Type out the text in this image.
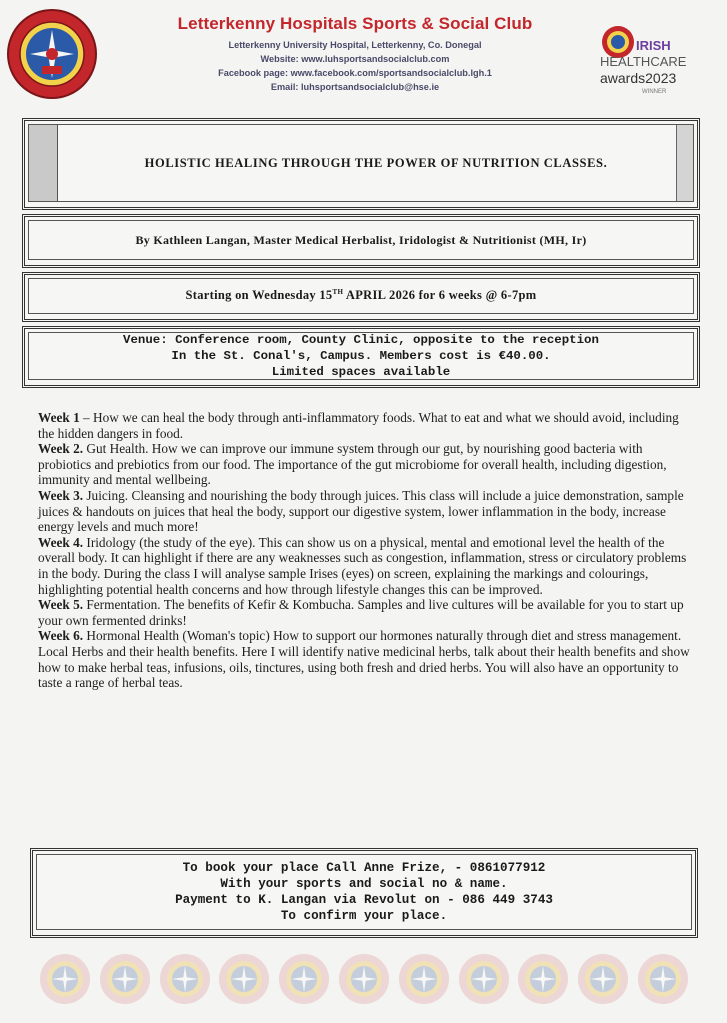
Letterkenny Hospitals Sports & Social Club
Letterkenny University Hospital, Letterkenny, Co. Donegal
Website: www.luhsportsandsocialclub.com
Facebook page: www.facebook.com/sportsandsocialclub.lgh.1
Email: luhsportsandsocialclub@hse.ie
IRISH
HEALTHCARE
awards2023
WINNER
HOLISTIC HEALING THROUGH THE POWER OF NUTRITION CLASSES.
By Kathleen Langan, Master Medical Herbalist, Iridologist & Nutritionist (MH, Ir)
Starting on Wednesday 15TH APRIL 2026 for 6 weeks @ 6-7pm
Venue: Conference room, County Clinic, opposite to the reception
In the St. Conal's, Campus. Members cost is €40.00.
Limited spaces available

Week 1 – How we can heal the body through anti-inflammatory foods. What to eat and what we should avoid, including the hidden dangers in food.

Week 2. Gut Health. How we can improve our immune system through our gut, by nourishing good bacteria with probiotics and prebiotics from our food. The importance of the gut microbiome for overall health, including digestion, immunity and mental wellbeing.

Week 3. Juicing. Cleansing and nourishing the body through juices. This class will include a juice demonstration, sample juices & handouts on juices that heal the body, support our digestive system, lower inflammation in the body, increase energy levels and much more!

Week 4. Iridology (the study of the eye). This can show us on a physical, mental and emotional level the health of the overall body. It can highlight if there are any weaknesses such as congestion, inflammation, stress or circulatory problems in the body. During the class I will analyse sample Irises (eyes) on screen, explaining the markings and colourings, highlighting potential health concerns and how through lifestyle changes this can be improved.

Week 5. Fermentation. The benefits of Kefir & Kombucha. Samples and live cultures will be available for you to start up your own fermented drinks!

Week 6. Hormonal Health (Woman's topic) How to support our hormones naturally through diet and stress management. Local Herbs and their health benefits. Here I will identify native medicinal herbs, talk about their health benefits and show how to make herbal teas, infusions, oils, tinctures, using both fresh and dried herbs. You will also have an opportunity to taste a range of herbal teas.

To book your place Call Anne Frize, - 0861077912
With your sports and social no & name.
Payment to K. Langan via Revolut on - 086 449 3743
To confirm your place.
